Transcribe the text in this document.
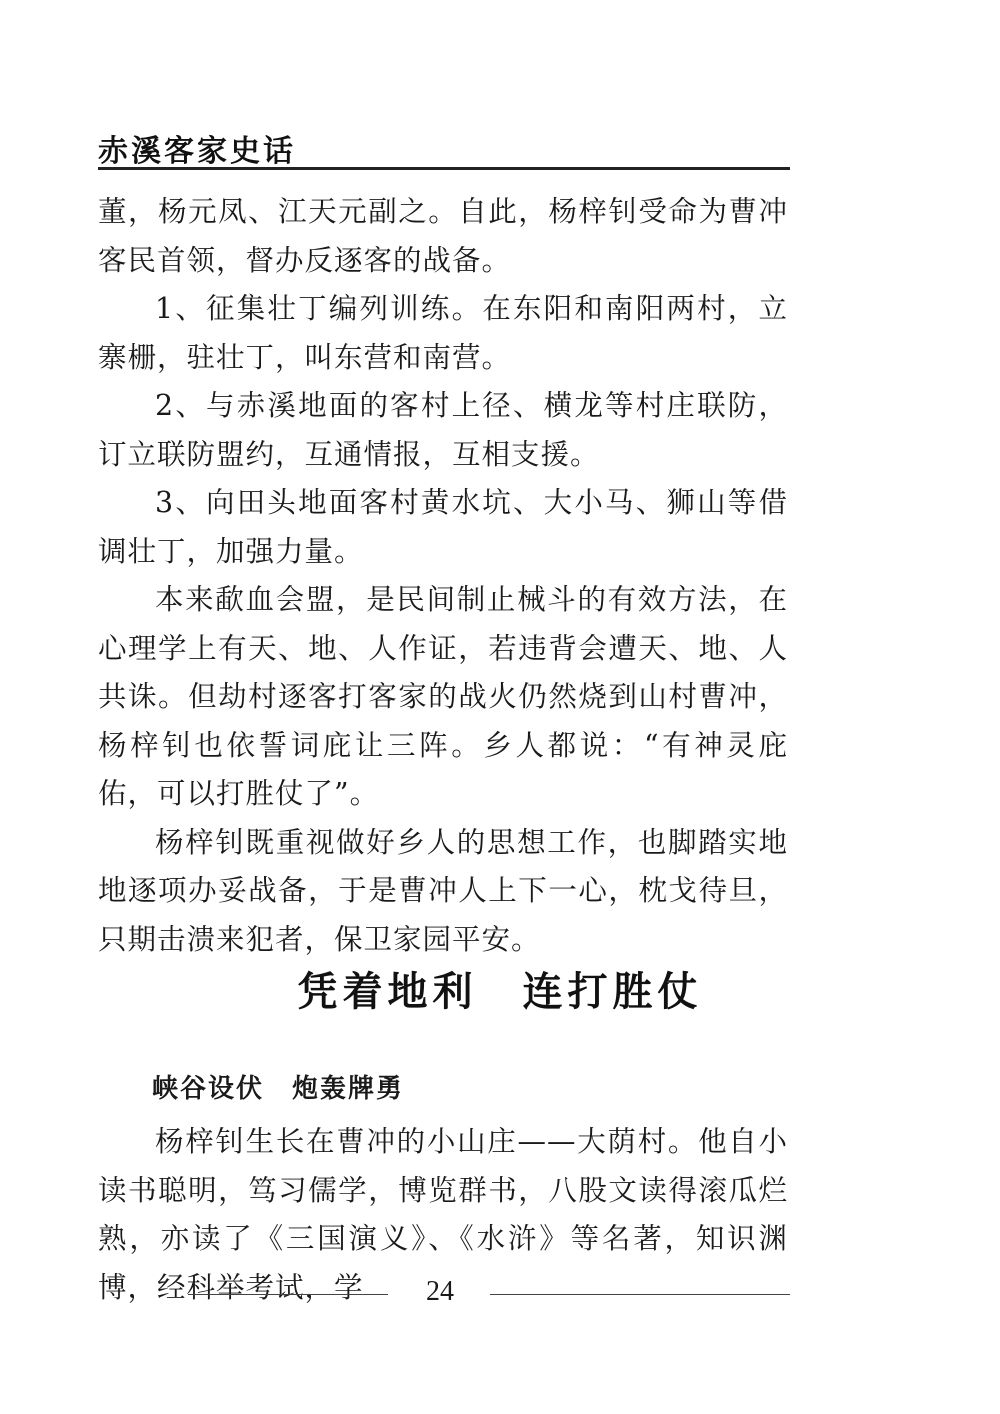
赤溪客家史话

董，杨元凤、江天元副之。自此，杨梓钊受命为曹冲客民首领，督办反逐客的战备。

1、征集壮丁编列训练。在东阳和南阳两村，立寨栅，驻壮丁，叫东营和南营。

2、与赤溪地面的客村上径、横龙等村庄联防，订立联防盟约，互通情报，互相支援。

3、向田头地面客村黄水坑、大小马、狮山等借调壮丁，加强力量。

本来歃血会盟，是民间制止械斗的有效方法，在心理学上有天、地、人作证，若违背会遭天、地、人共诛。但劫村逐客打客家的战火仍然烧到山村曹冲，杨梓钊也依誓词庇让三阵。乡人都说：“有神灵庇佑，可以打胜仗了”。

杨梓钊既重视做好乡人的思想工作，也脚踏实地地逐项办妥战备，于是曹冲人上下一心，枕戈待旦，只期击溃来犯者，保卫家园平安。

凭着地利　连打胜仗
峡谷设伏　炮轰牌勇

杨梓钊生长在曹冲的小山庄——大荫村。他自小读书聪明，笃习儒学，博览群书，八股文读得滚瓜烂熟，亦读了《三国演义》、《水浒》等名著，知识渊博，经科举考试，学	24
